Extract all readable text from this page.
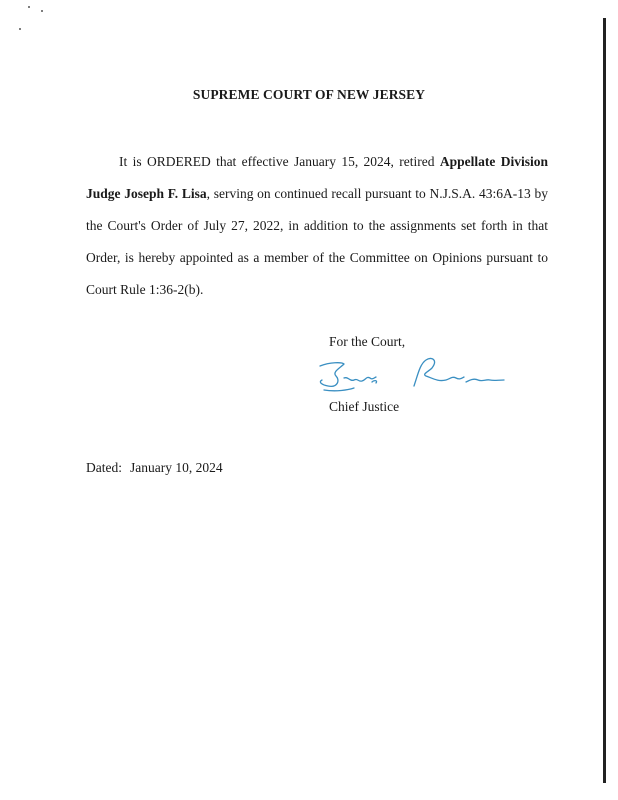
SUPREME COURT OF NEW JERSEY

It is ORDERED that effective January 15, 2024, retired Appellate Division Judge Joseph F. Lisa, serving on continued recall pursuant to N.J.S.A. 43:6A-13 by the Court's Order of July 27, 2022, in addition to the assignments set forth in that Order, is hereby appointed as a member of the Committee on Opinions pursuant to Court Rule 1:36-2(b).

For the Court,
Chief Justice
Dated: January 10, 2024
